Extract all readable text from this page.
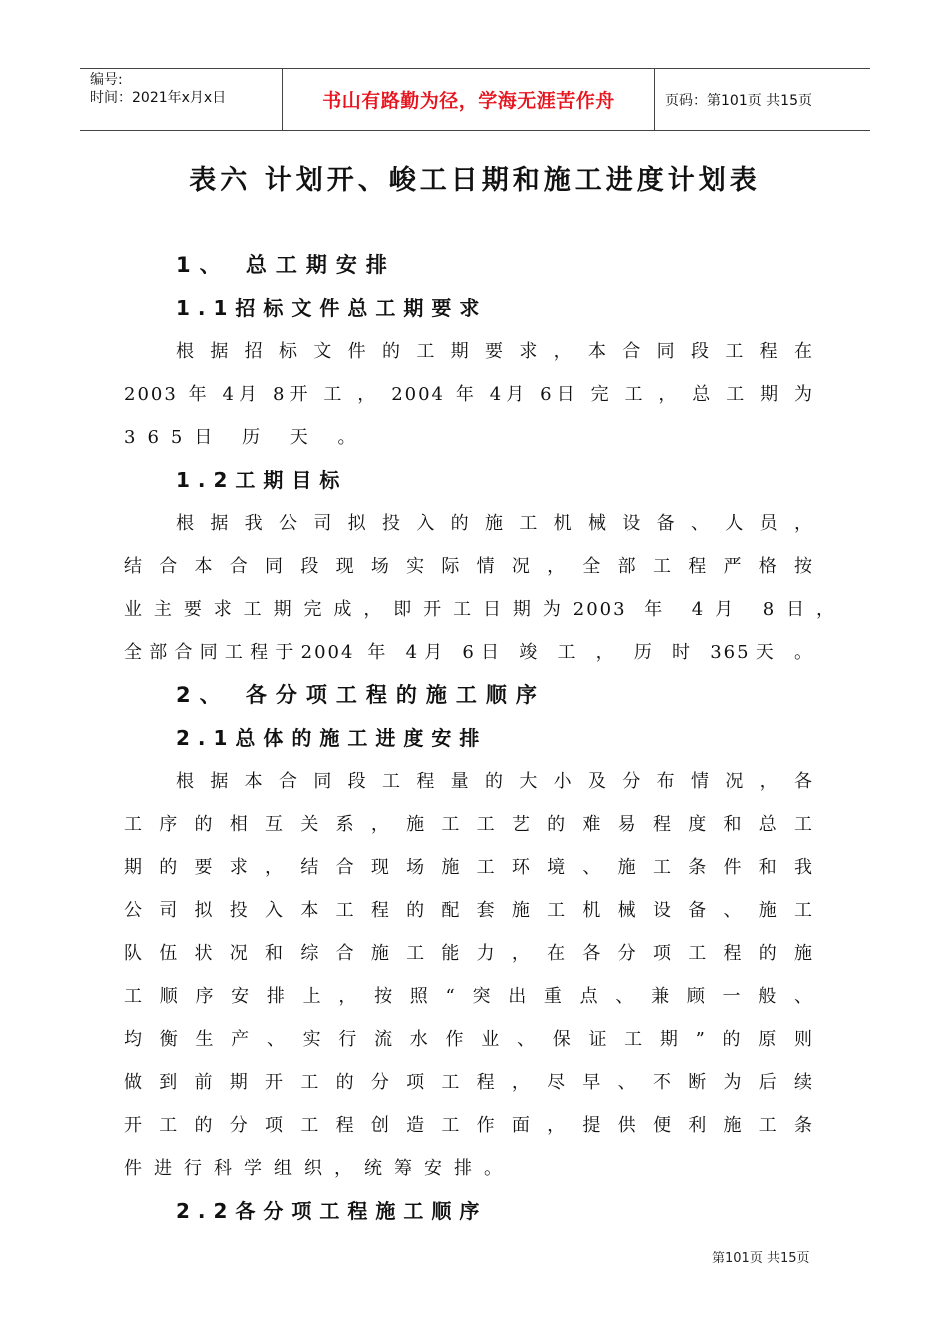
编号:
时间：2021年x月x日	书山有路勤为径，学海无涯苦作舟	页码：第101页 共15页
表六 计划开、峻工日期和施工进度计划表
1、 总工期安排
1.1招标文件总工期要求
根据招标文件的工期要求，本合同段工程在
2003 年 4月 8开 工 ， 2004 年 4月 6日 完 工 ， 总 工 期 为
365日 历 天 。
1.2工期目标
根据我公司拟投入的施工机械设备、人员，
结合本合同段现场实际情况，全部工程严格按
业主要求工期完成，即开工日期为2003 年 4月 8日，
全部合同工程于2004 年 4月 6日 竣 工 ， 历 时 365天 。
2、 各分项工程的施工顺序
2.1总体的施工进度安排
根据本合同段工程量的大小及分布情况，各
工序的相互关系，施工工艺的难易程度和总工
期的要求，结合现场施工环境、施工条件和我
公司拟投入本工程的配套施工机械设备、施工
队伍状况和综合施工能力，在各分项工程的施
工顺序安排上，按照“突出重点、兼顾一般、
均衡生产、实行流水作业、保证工期”的原则
做到前期开工的分项工程，尽早、不断为后续
开工的分项工程创造工作面，提供便利施工条
件进行科学组织，统筹安排。
2.2各分项工程施工顺序
第101页 共15页
